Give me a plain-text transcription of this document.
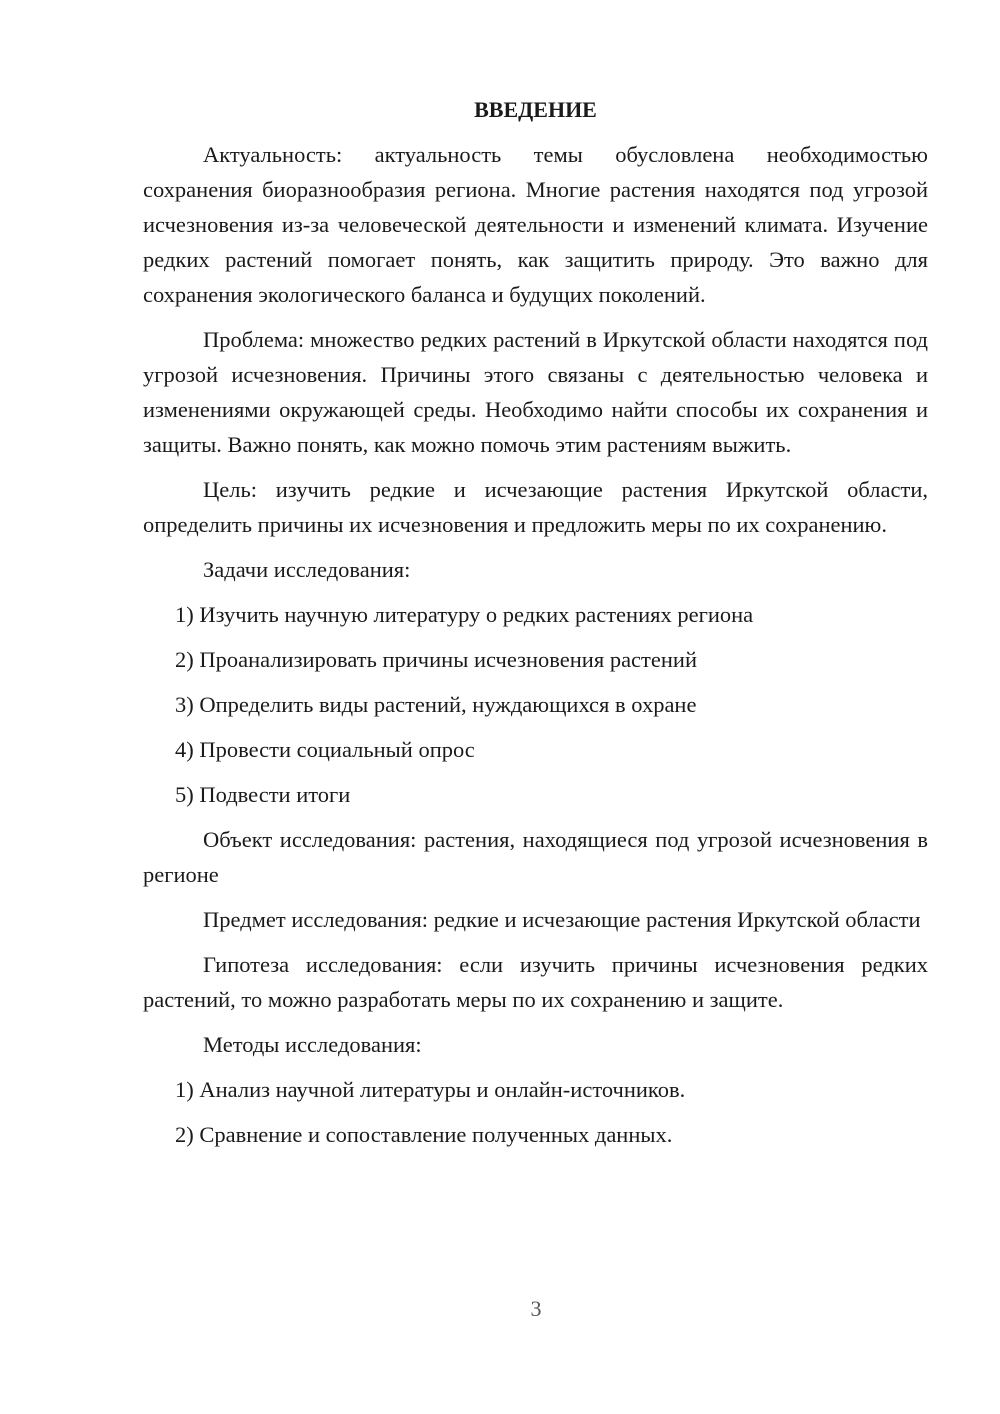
ВВЕДЕНИЕ

Актуальность: актуальность темы обусловлена необходимостью сохранения биоразнообразия региона. Многие растения находятся под угрозой исчезновения из-за человеческой деятельности и изменений климата. Изучение редких растений помогает понять, как защитить природу. Это важно для сохранения экологического баланса и будущих поколений.

Проблема: множество редких растений в Иркутской области находятся под угрозой исчезновения. Причины этого связаны с деятельностью человека и изменениями окружающей среды. Необходимо найти способы их сохранения и защиты. Важно понять, как можно помочь этим растениям выжить.

Цель: изучить редкие и исчезающие растения Иркутской области, определить причины их исчезновения и предложить меры по их сохранению.

Задачи исследования:

1) Изучить научную литературу о редких растениях региона

2) Проанализировать причины исчезновения растений

3) Определить виды растений, нуждающихся в охране

4) Провести социальный опрос

5) Подвести итоги

Объект исследования: растения, находящиеся под угрозой исчезновения в регионе

Предмет исследования: редкие и исчезающие растения Иркутской области

Гипотеза исследования: если изучить причины исчезновения редких растений, то можно разработать меры по их сохранению и защите.

Методы исследования:

1) Анализ научной литературы и онлайн-источников.

2) Сравнение и сопоставление полученных данных.

3
